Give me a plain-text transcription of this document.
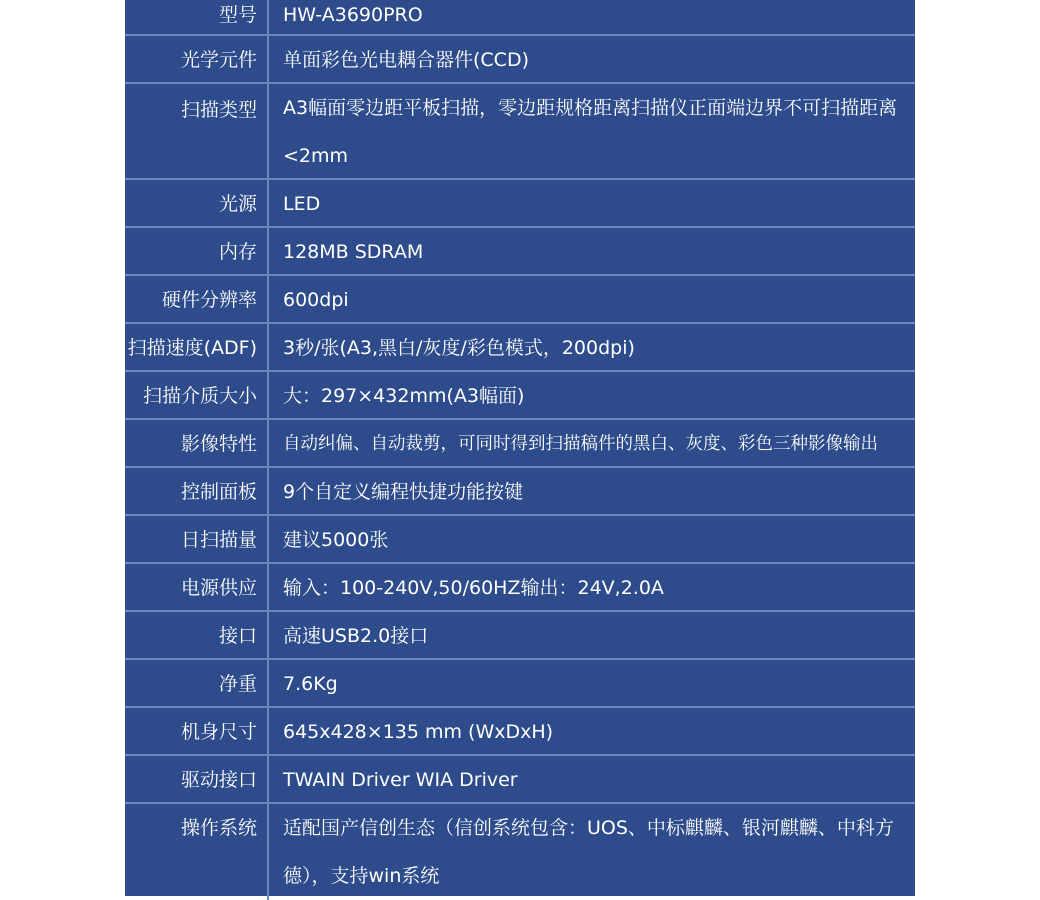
型号	HW-A3690PRO
光学元件	单面彩色光电耦合器件(CCD)
扫描类型	A3幅面零边距平板扫描，零边距规格距离扫描仪正面端边界不可扫描距离<2mm
光源	LED
内存	128MB SDRAM
硬件分辨率	600dpi
扫描速度(ADF)	3秒/张(A3,黑白/灰度/彩色模式，200dpi)
扫描介质大小	大：297×432mm(A3幅面)
影像特性	自动纠偏、自动裁剪，可同时得到扫描稿件的黑白、灰度、彩色三种影像输出
控制面板	9个自定义编程快捷功能按键
日扫描量	建议5000张
电源供应	输入：100-240V,50/60HZ输出：24V,2.0A
接口	高速USB2.0接口
净重	7.6Kg
机身尺寸	645x428×135 mm (WxDxH)
驱动接口	TWAIN Driver WIA Driver
操作系统	适配国产信创生态（信创系统包含：UOS、中标麒麟、银河麒麟、中科方德），支持win系统
